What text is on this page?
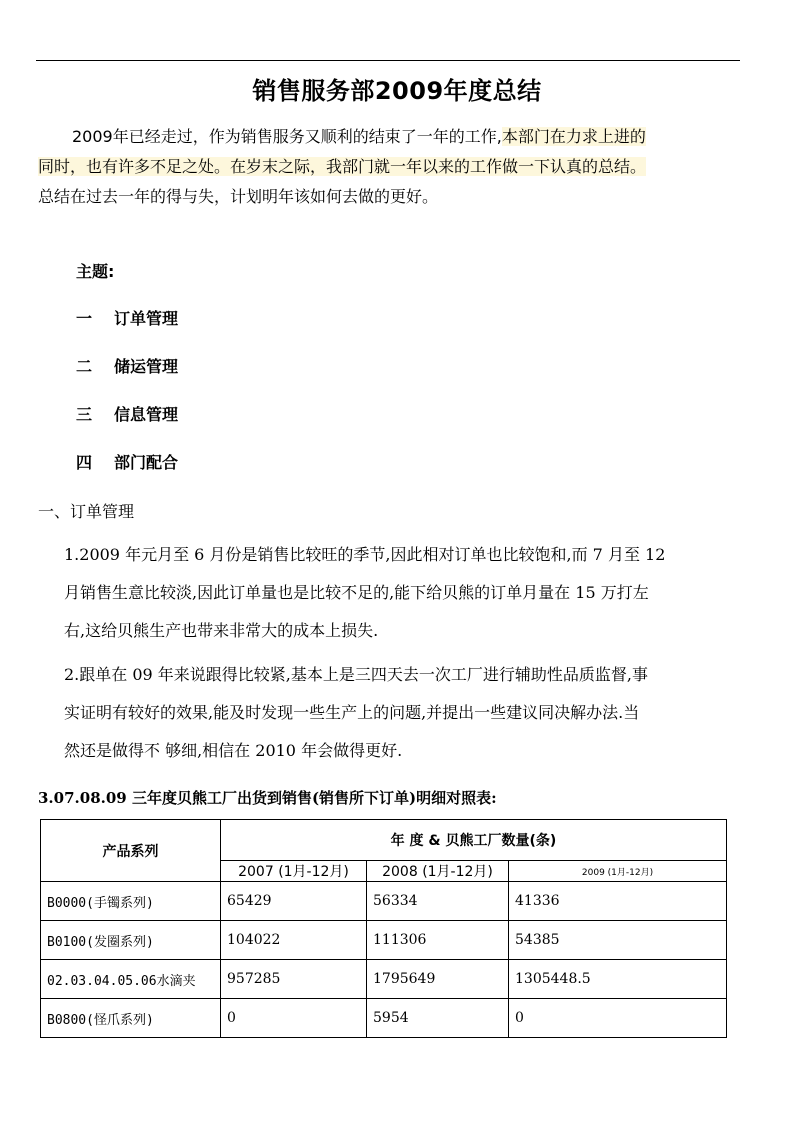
销售服务部2009年度总结

2009年已经走过，作为销售服务又顺利的结束了一年的工作,本部门在力求上进的

同时，也有许多不足之处。在岁末之际，我部门就一年以来的工作做一下认真的总结。

总结在过去一年的得与失，计划明年该如何去做的更好。

主题:
一 订单管理
二 储运管理
三 信息管理
四 部门配合
一、订单管理

1.2009 年元月至 6 月份是销售比较旺的季节,因此相对订单也比较饱和,而 7 月至 12

月销售生意比较淡,因此订单量也是比较不足的,能下给贝熊的订单月量在 15 万打左

右,这给贝熊生产也带来非常大的成本上损失.

2.跟单在 09 年来说跟得比较紧,基本上是三四天去一次工厂进行辅助性品质监督,事

实证明有较好的效果,能及时发现一些生产上的问题,并提出一些建议同决解办法.当

然还是做得不 够细,相信在 2010 年会做得更好.

3.07.08.09 三年度贝熊工厂出货到销售(销售所下订单)明细对照表:
产品系列	年 度 & 贝熊工厂数量(条)		
	2007 (1月-12月)	2008 (1月-12月)	2009 (1月-12月)
B0000(手镯系列)	65429	56334	41336
B0100(发圈系列)	104022	111306	54385
02.03.04.05.06水滴夹	957285	1795649	1305448.5
B0800(怪爪系列)	0	5954	0
